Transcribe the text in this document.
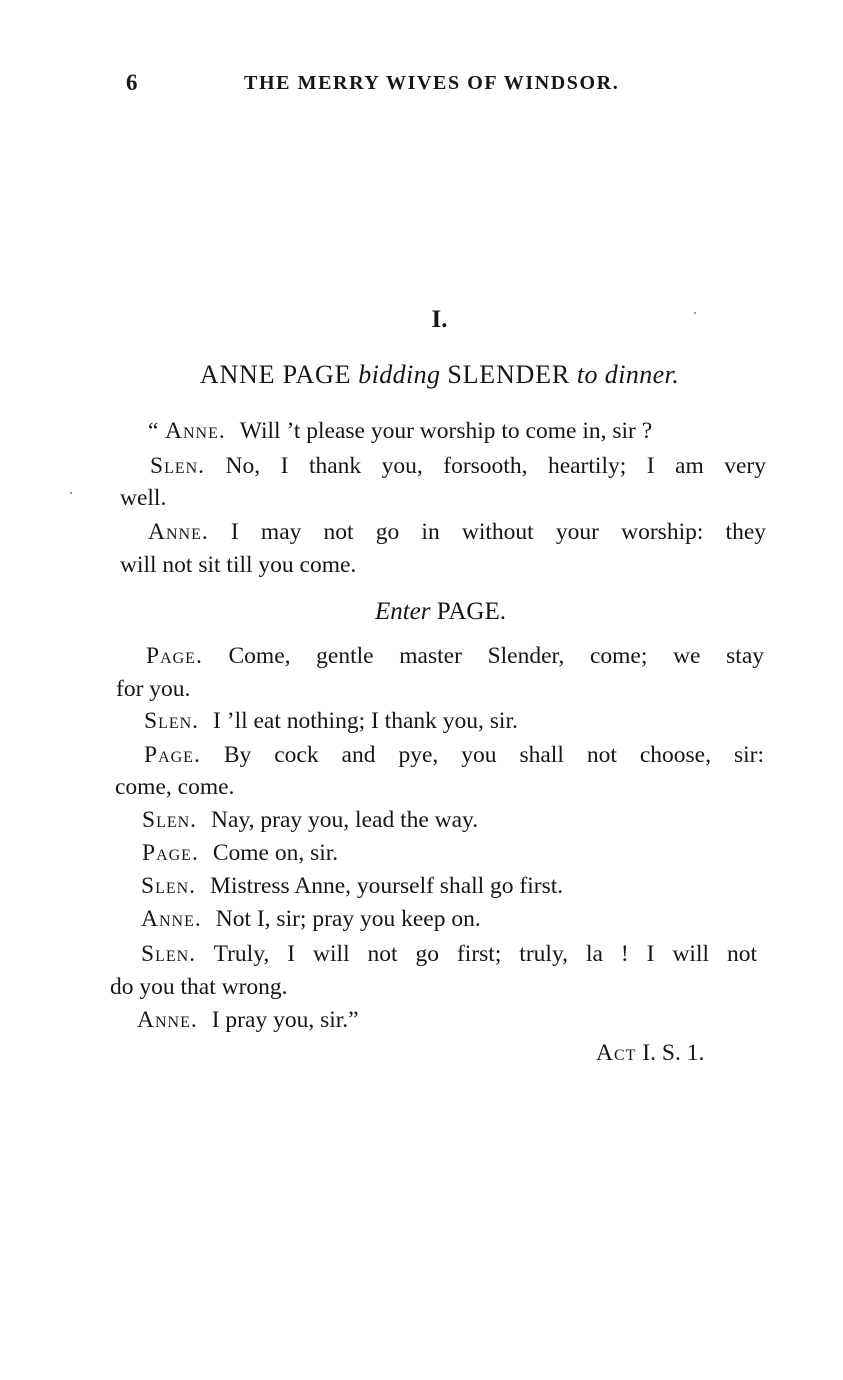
6	THE MERRY WIVES OF WINDSOR.
I.
ANNE PAGE bidding SLENDER to dinner.
“ Anne. Will ’t please your worship to come in, sir ?
Slen. No, I thank you, forsooth, heartily; I am very
well.
Anne. I may not go in without your worship: they
will not sit till you come.
Enter PAGE.
Page. Come, gentle master Slender, come; we stay
for you.
Slen. I ’ll eat nothing; I thank you, sir.
Page. By cock and pye, you shall not choose, sir:
come, come.
Slen. Nay, pray you, lead the way.
Page. Come on, sir.
Slen. Mistress Anne, yourself shall go first.
Anne. Not I, sir; pray you keep on.
Slen. Truly, I will not go first; truly, la ! I will not
do you that wrong.
Anne. I pray you, sir.”
Act I. S. 1.
